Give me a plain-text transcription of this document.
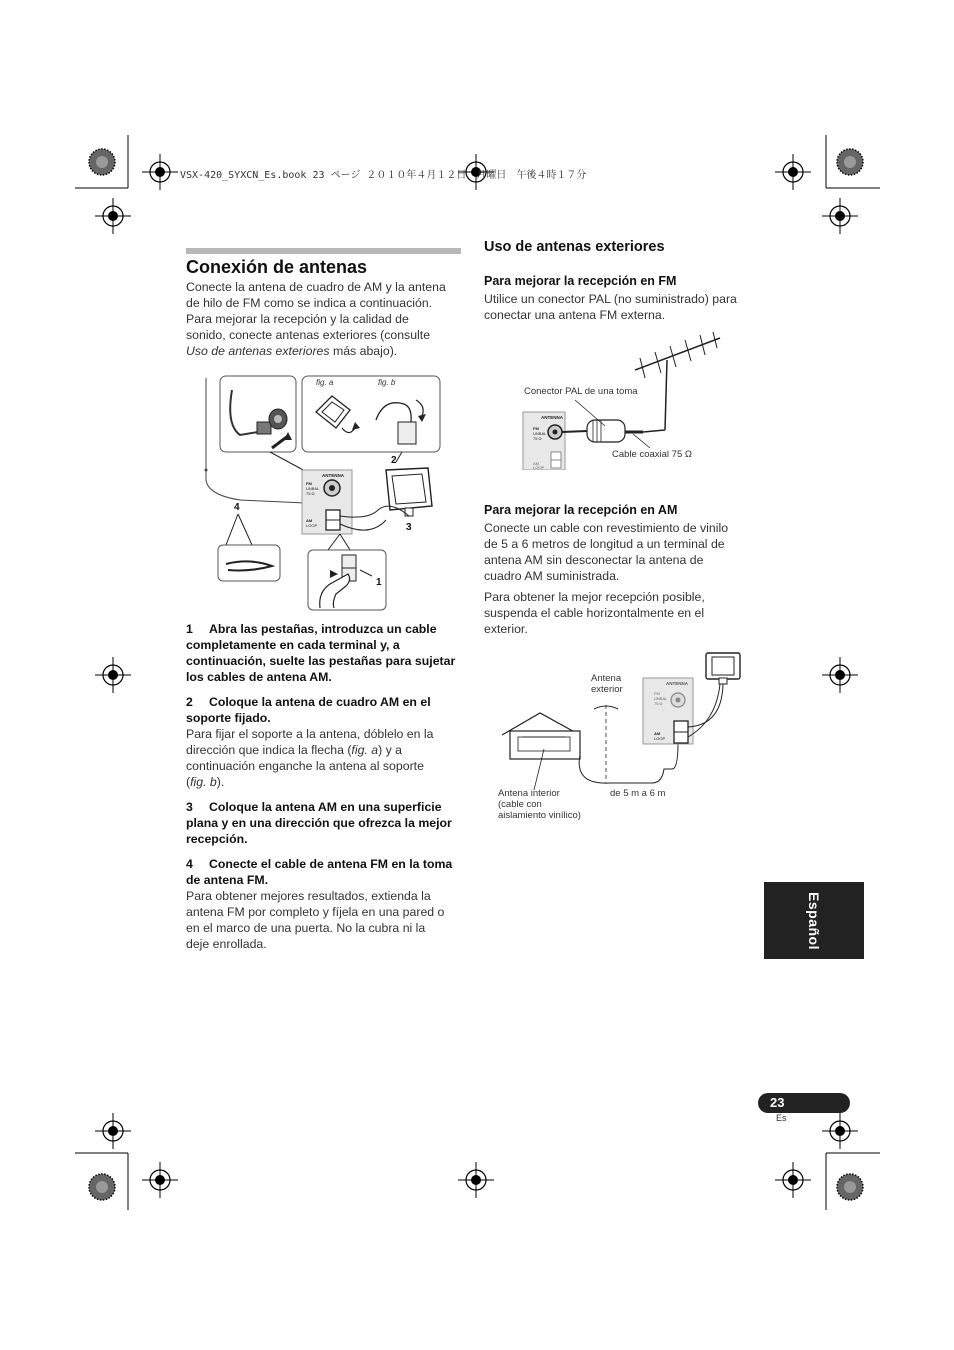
VSX-420_SYXCN_Es.book 23 ページ ２０１０年４月１２日　月曜日　午後４時１７分
Conexión de antenas
Conecte la antena de cuadro de AM y la antena
de hilo de FM como se indica a continuación.
Para mejorar la recepción y la calidad de
sonido, conecte antenas exteriores (consulte
Uso de antenas exteriores más abajo).
fig. a	fig. b
2
ANTENNA
FM
UNBAL
75 Ω
AM
LOOP	3
4
1
1 Abra las pestañas, introduzca un cable
completamente en cada terminal y, a
continuación, suelte las pestañas para sujetar
los cables de antena AM.
2 Coloque la antena de cuadro AM en el
soporte fijado.
Para fijar el soporte a la antena, dóblelo en la
dirección que indica la flecha (fig. a) y a
continuación enganche la antena al soporte
(fig. b).
3 Coloque la antena AM en una superficie
plana y en una dirección que ofrezca la mejor
recepción.
4 Conecte el cable de antena FM en la toma
de antena FM.
Para obtener mejores resultados, extienda la
antena FM por completo y fíjela en una pared o
en el marco de una puerta. No la cubra ni la
deje enrollada.
Uso de antenas exteriores
Para mejorar la recepción en FM
Utilice un conector PAL (no suministrado) para
conectar una antena FM externa.
ANTENNA
FM
UNBAL
75 Ω
AM
LOOP
Conector PAL de una toma
Cable coaxial 75 Ω
Para mejorar la recepción en AM
Conecte un cable con revestimiento de vinilo
de 5 a 6 metros de longitud a un terminal de
antena AM sin desconectar la antena de
cuadro AM suministrada.
Para obtener la mejor recepción posible,
suspenda el cable horizontalmente en el
exterior.
ANTENNA
FM
UNBAL
75 Ω
AM
LOOP
Antena
exterior
Antena interior
(cable con
aislamiento vinílico)
de 5 m a 6 m
Español
23
Es
